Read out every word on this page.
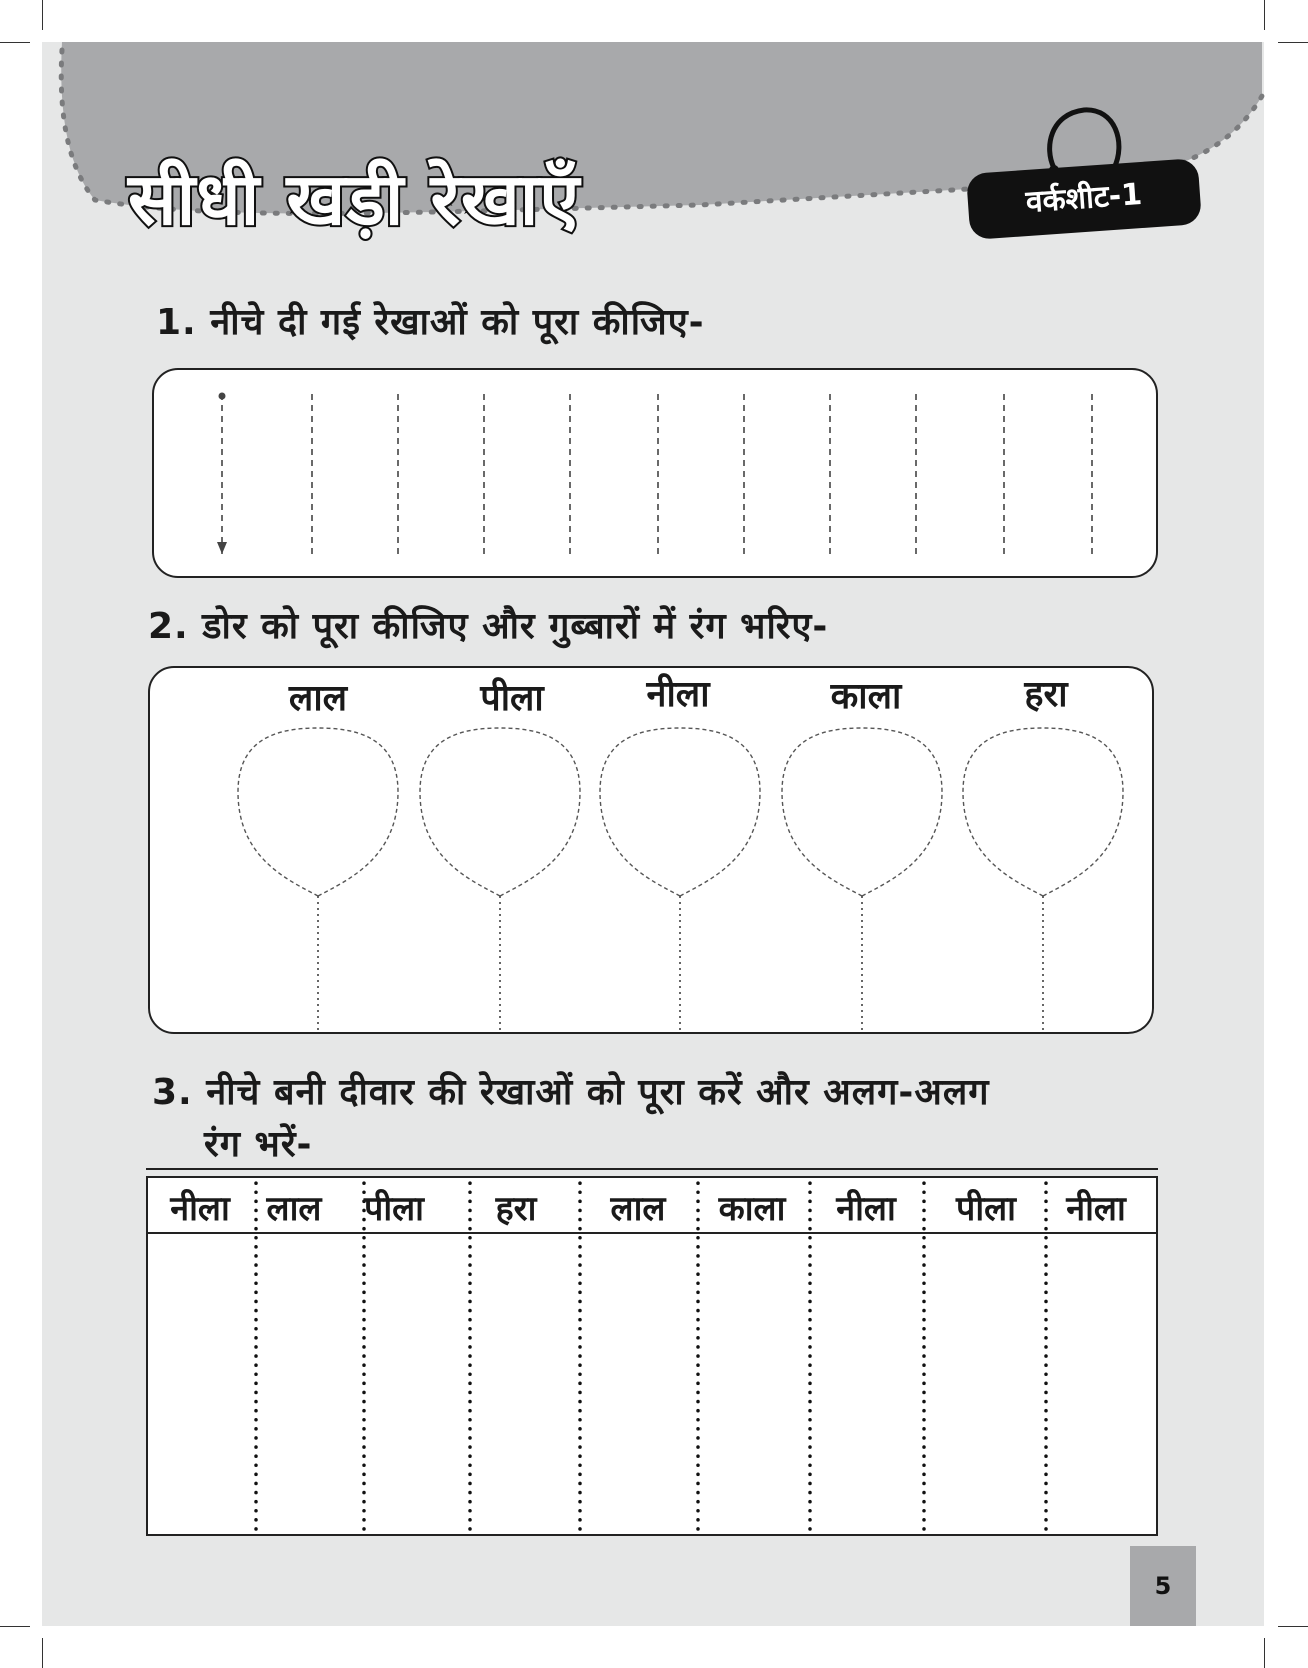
सीधी खड़ी रेखाएँ	वर्कशीट-1
1. नीचे दी गई रेखाओं को पूरा कीजिए-
2. डोर को पूरा कीजिए और गुब्बारों में रंग भरिए-
लाल	पीला	नीला	काला	हरा
3. नीचे बनी दीवार की रेखाओं को पूरा करें और अलग-अलग
रंग भरें-
नीला लाल पीला हरा लाल काला नीला पीला नीला
5
